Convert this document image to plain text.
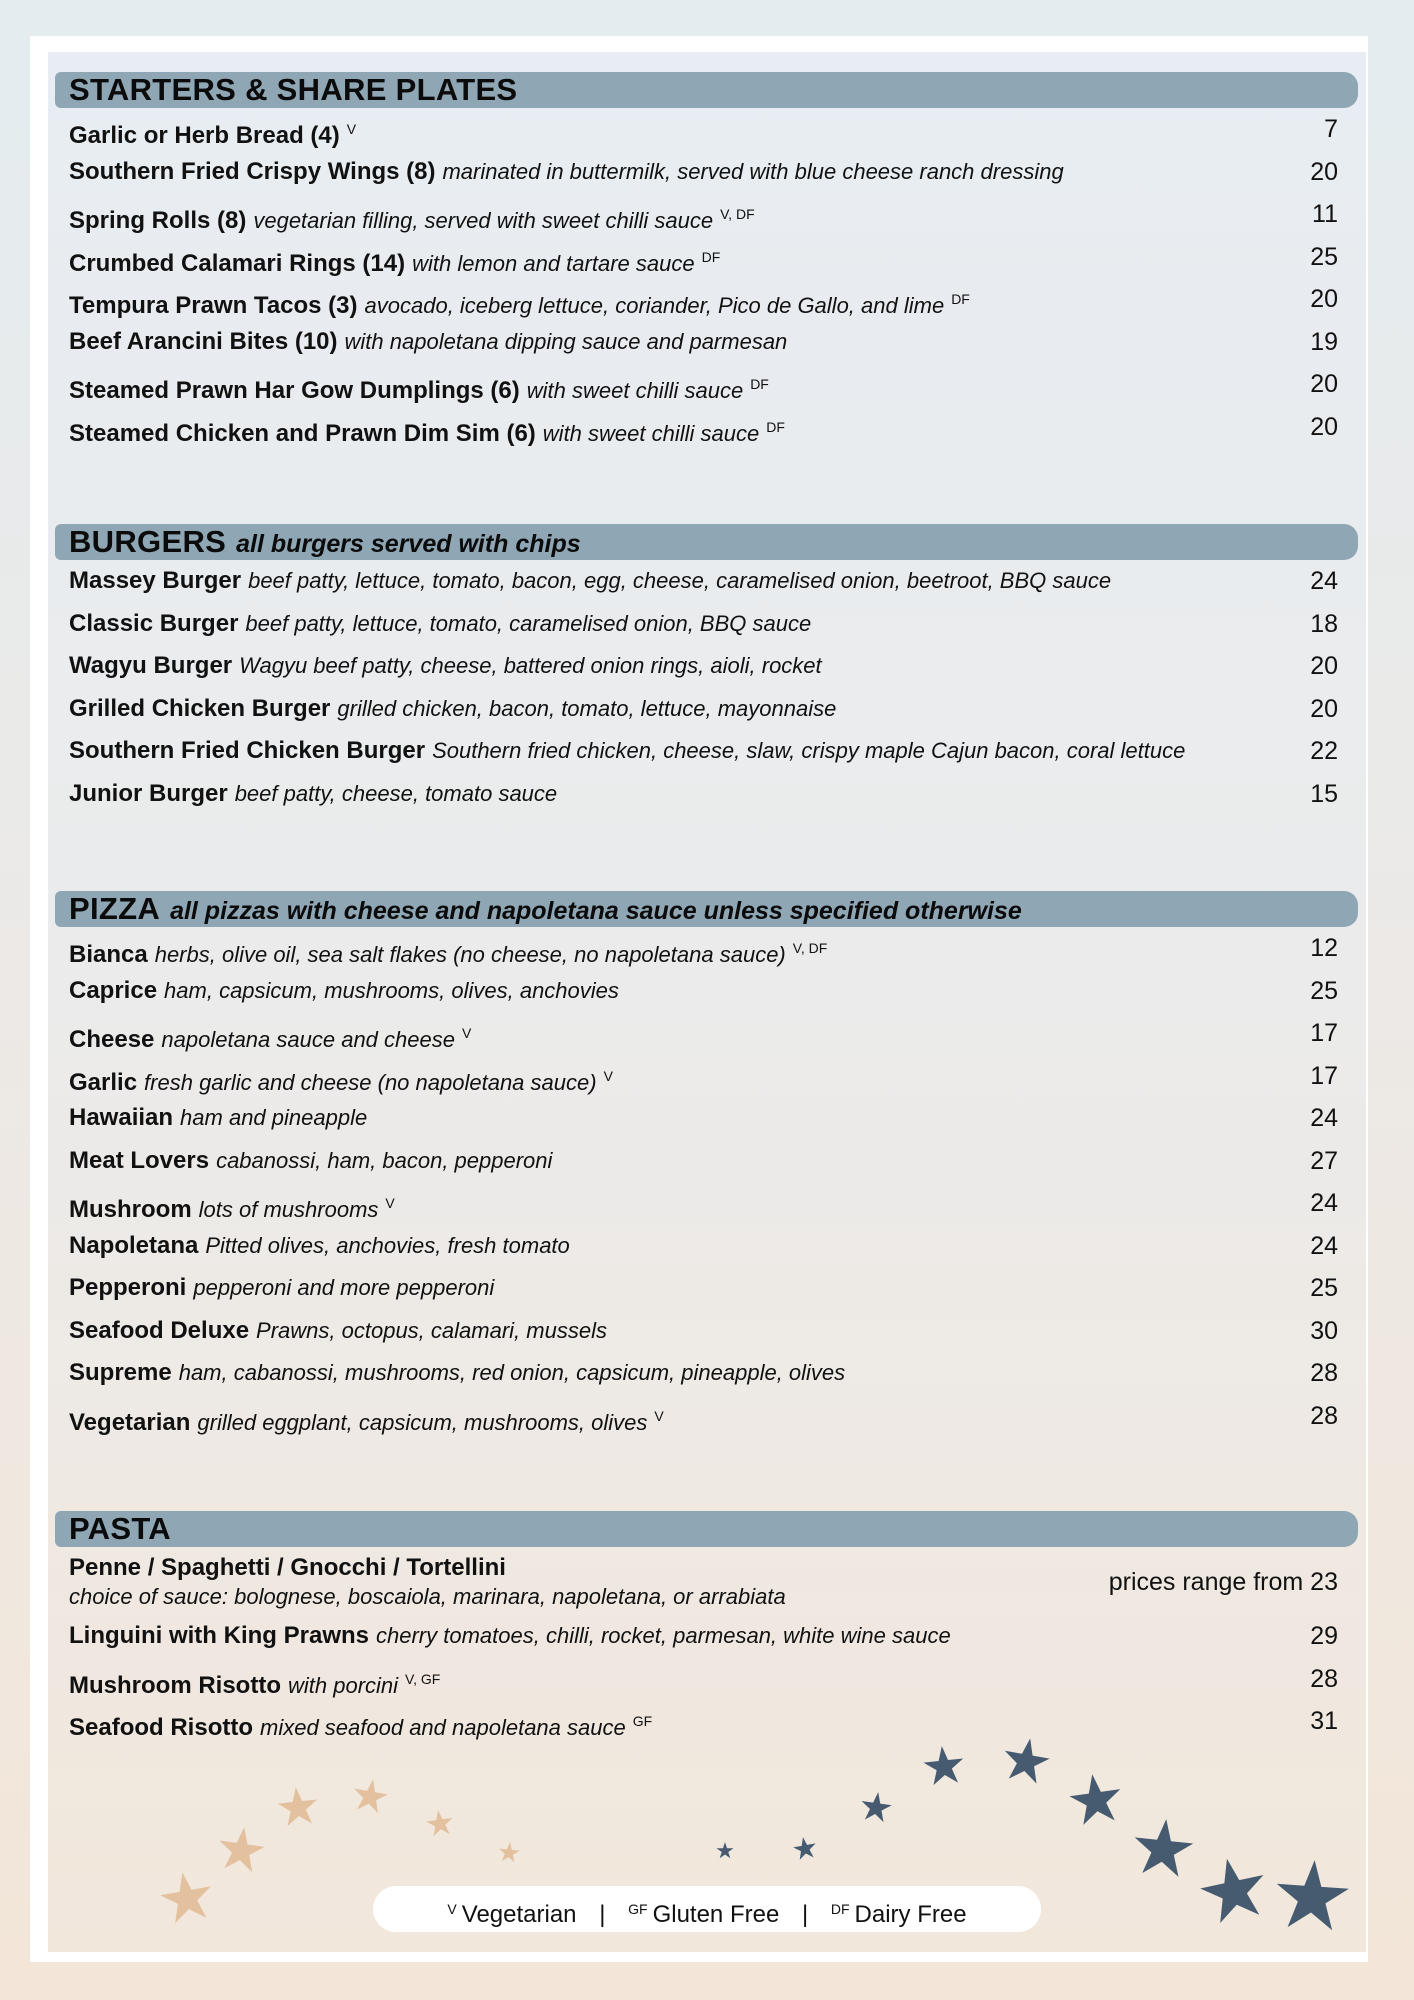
STARTERS & SHARE PLATES
Garlic or Herb Bread (4) $^V$	7
Southern Fried Crispy Wings (8) marinated in buttermilk, served with blue cheese ranch dressing	20
Spring Rolls (8) vegetarian filling, served with sweet chilli sauce $^{V, DF}$	11
Crumbed Calamari Rings (14) with lemon and tartare sauce $^{DF}$	25
Tempura Prawn Tacos (3) avocado, iceberg lettuce, coriander, Pico de Gallo, and lime $^{DF}$	20
Beef Arancini Bites (10) with napoletana dipping sauce and parmesan	19
Steamed Prawn Har Gow Dumplings (6) with sweet chilli sauce $^{DF}$	20
Steamed Chicken and Prawn Dim Sim (6) with sweet chilli sauce $^{DF}$	20
BURGERS all burgers served with chips
Massey Burger beef patty, lettuce, tomato, bacon, egg, cheese, caramelised onion, beetroot, BBQ sauce	24
Classic Burger beef patty, lettuce, tomato, caramelised onion, BBQ sauce	18
Wagyu Burger Wagyu beef patty, cheese, battered onion rings, aioli, rocket	20
Grilled Chicken Burger grilled chicken, bacon, tomato, lettuce, mayonnaise	20
Southern Fried Chicken Burger Southern fried chicken, cheese, slaw, crispy maple Cajun bacon, coral lettuce	22
Junior Burger beef patty, cheese, tomato sauce	15
PIZZA all pizzas with cheese and napoletana sauce unless specified otherwise
Bianca herbs, olive oil, sea salt flakes (no cheese, no napoletana sauce) $^{V, DF}$	12
Caprice ham, capsicum, mushrooms, olives, anchovies	25
Cheese napoletana sauce and cheese $^V$	17
Garlic fresh garlic and cheese (no napoletana sauce) $^V$	17
Hawaiian ham and pineapple	24
Meat Lovers cabanossi, ham, bacon, pepperoni	27
Mushroom lots of mushrooms $^V$	24
Napoletana Pitted olives, anchovies, fresh tomato	24
Pepperoni pepperoni and more pepperoni	25
Seafood Deluxe Prawns, octopus, calamari, mussels	30
Supreme ham, cabanossi, mushrooms, red onion, capsicum, pineapple, olives	28
Vegetarian grilled eggplant, capsicum, mushrooms, olives $^V$	28
PASTA
Penne / Spaghetti / Gnocchi / Tortellini
choice of sauce: bolognese, boscaiola, marinara, napoletana, or arrabiata
prices range from 23
Linguini with King Prawns cherry tomatoes, chilli, rocket, parmesan, white wine sauce	29
Mushroom Risotto with porcini $^{V, GF}$	28
Seafood Risotto mixed seafood and napoletana sauce $^{GF}$	31
$^V$ Vegetarian | $^{GF}$ Gluten Free | $^{DF}$ Dairy Free
